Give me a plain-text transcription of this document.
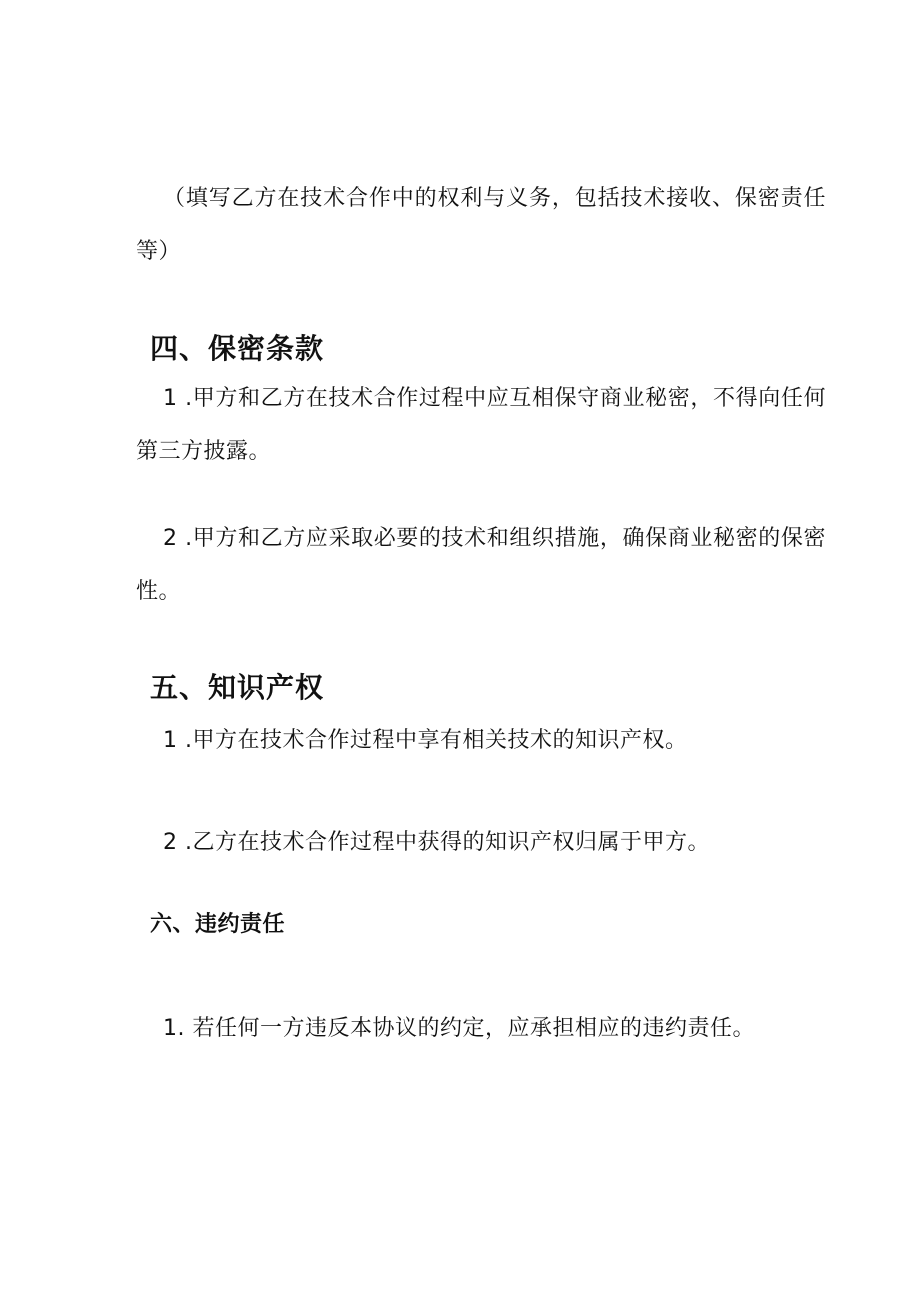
（填写乙方在技术合作中的权利与义务，包括技术接收、保密责任等）

四、保密条款

1 .甲方和乙方在技术合作过程中应互相保守商业秘密，不得向任何第三方披露。

2 .甲方和乙方应采取必要的技术和组织措施，确保商业秘密的保密性。

五、知识产权

1 .甲方在技术合作过程中享有相关技术的知识产权。

2 .乙方在技术合作过程中获得的知识产权归属于甲方。

六、违约责任

1. 若任何一方违反本协议的约定，应承担相应的违约责任。
